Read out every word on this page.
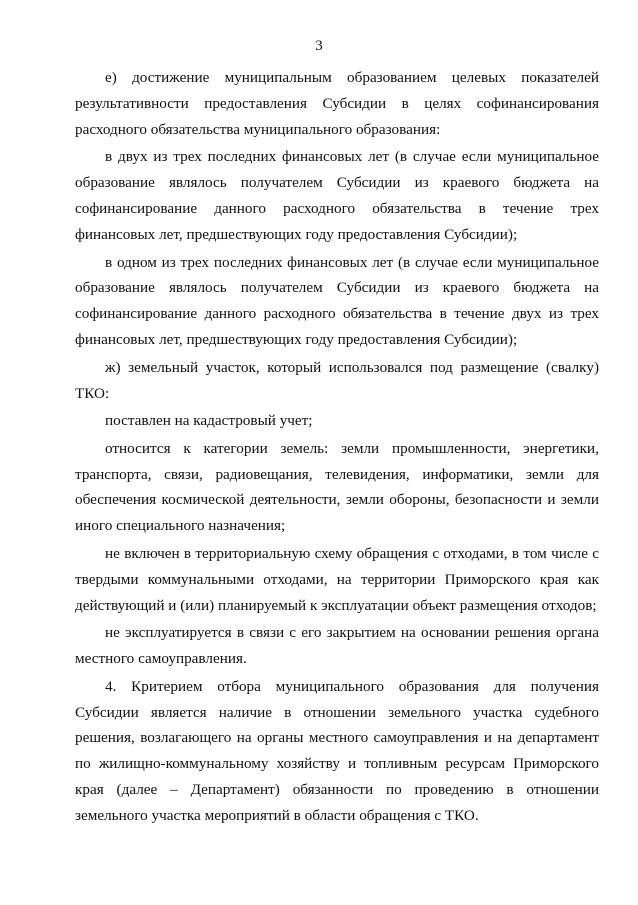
3

е) достижение муниципальным образованием целевых показателей результативности предоставления Субсидии в целях софинансирования расходного обязательства муниципального образования:

в двух из трех последних финансовых лет (в случае если муниципальное образование являлось получателем Субсидии из краевого бюджета на софинансирование данного расходного обязательства в течение трех финансовых лет, предшествующих году предоставления Субсидии);

в одном из трех последних финансовых лет (в случае если муниципальное образование являлось получателем Субсидии из краевого бюджета на софинансирование данного расходного обязательства в течение двух из трех финансовых лет, предшествующих году предоставления Субсидии);

ж) земельный участок, который использовался под размещение (свалку) ТКО:

поставлен на кадастровый учет;

относится к категории земель: земли промышленности, энергетики, транспорта, связи, радиовещания, телевидения, информатики, земли для обеспечения космической деятельности, земли обороны, безопасности и земли иного специального назначения;

не включен в территориальную схему обращения с отходами, в том числе с твердыми коммунальными отходами, на территории Приморского края как действующий и (или) планируемый к эксплуатации объект размещения отходов;

не эксплуатируется в связи с его закрытием на основании решения органа местного самоуправления.

4. Критерием отбора муниципального образования для получения Субсидии является наличие в отношении земельного участка судебного решения, возлагающего на органы местного самоуправления и на департамент по жилищно-коммунальному хозяйству и топливным ресурсам Приморского края (далее – Департамент) обязанности по проведению в отношении земельного участка мероприятий в области обращения с ТКО.
